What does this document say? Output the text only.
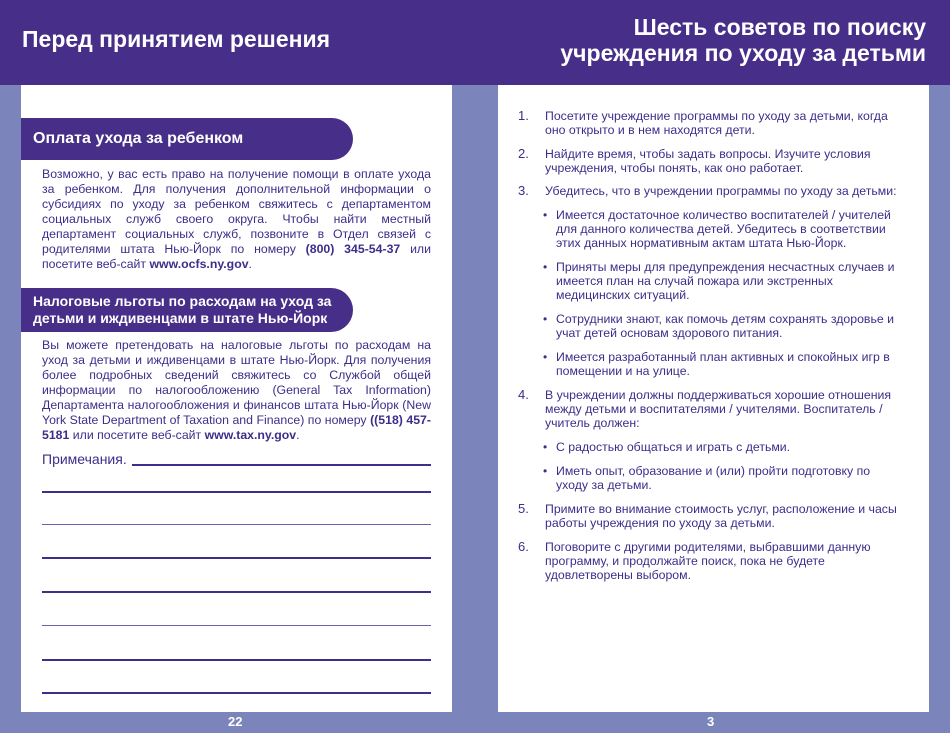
Перед принятием решения	Шесть советов по поиску
учреждения по уходу за детьми
Оплата ухода за ребенком
Возможно, у вас есть право на получение помощи в оплате ухода за ребенком. Для получения дополнительной информации о субсидиях по уходу за ребенком свяжитесь с департаментом социальных служб своего округа. Чтобы найти местный департамент социальных служб, позвоните в Отдел связей с родителями штата Нью-Йорк по номеру (800) 345-54-37 или посетите веб-сайт www.ocfs.ny.gov.
Налоговые льготы по расходам на уход за
детьми и иждивенцами в штате Нью-Йорк
Вы можете претендовать на налоговые льготы по расходам на уход за детьми и иждивенцами в штате Нью-Йорк. Для получения более подробных сведений свяжитесь со Службой общей информации по налогообложению (General Tax Information) Департамента налогообложения и финансов штата Нью-Йорк (New York State Department of Taxation and Finance) по номеру ((518) 457-5181 или посетите веб-сайт www.tax.ny.gov.
Примечания.
22
1. Посетите учреждение программы по уходу за детьми, когда
оно открыто и в нем находятся дети.
2. Найдите время, чтобы задать вопросы. Изучите условия
учреждения, чтобы понять, как оно работает.
3. Убедитесь, что в учреждении программы по уходу за детьми:
• Имеется достаточное количество воспитателей / учителей
для данного количества детей. Убедитесь в соответствии
этих данных нормативным актам штата Нью-Йорк.
• Приняты меры для предупреждения несчастных случаев и
имеется план на случай пожара или экстренных
медицинских ситуаций.
• Сотрудники знают, как помочь детям сохранять здоровье и
учат детей основам здорового питания.
• Имеется разработанный план активных и спокойных игр в
помещении и на улице.
4. В учреждении должны поддерживаться хорошие отношения
между детьми и воспитателями / учителями. Воспитатель /
учитель должен:
• С радостью общаться и играть с детьми.
• Иметь опыт, образование и (или) пройти подготовку по
уходу за детьми.
5. Примите во внимание стоимость услуг, расположение и часы
работы учреждения по уходу за детьми.
6. Поговорите с другими родителями, выбравшими данную
программу, и продолжайте поиск, пока не будете
удовлетворены выбором.
3
